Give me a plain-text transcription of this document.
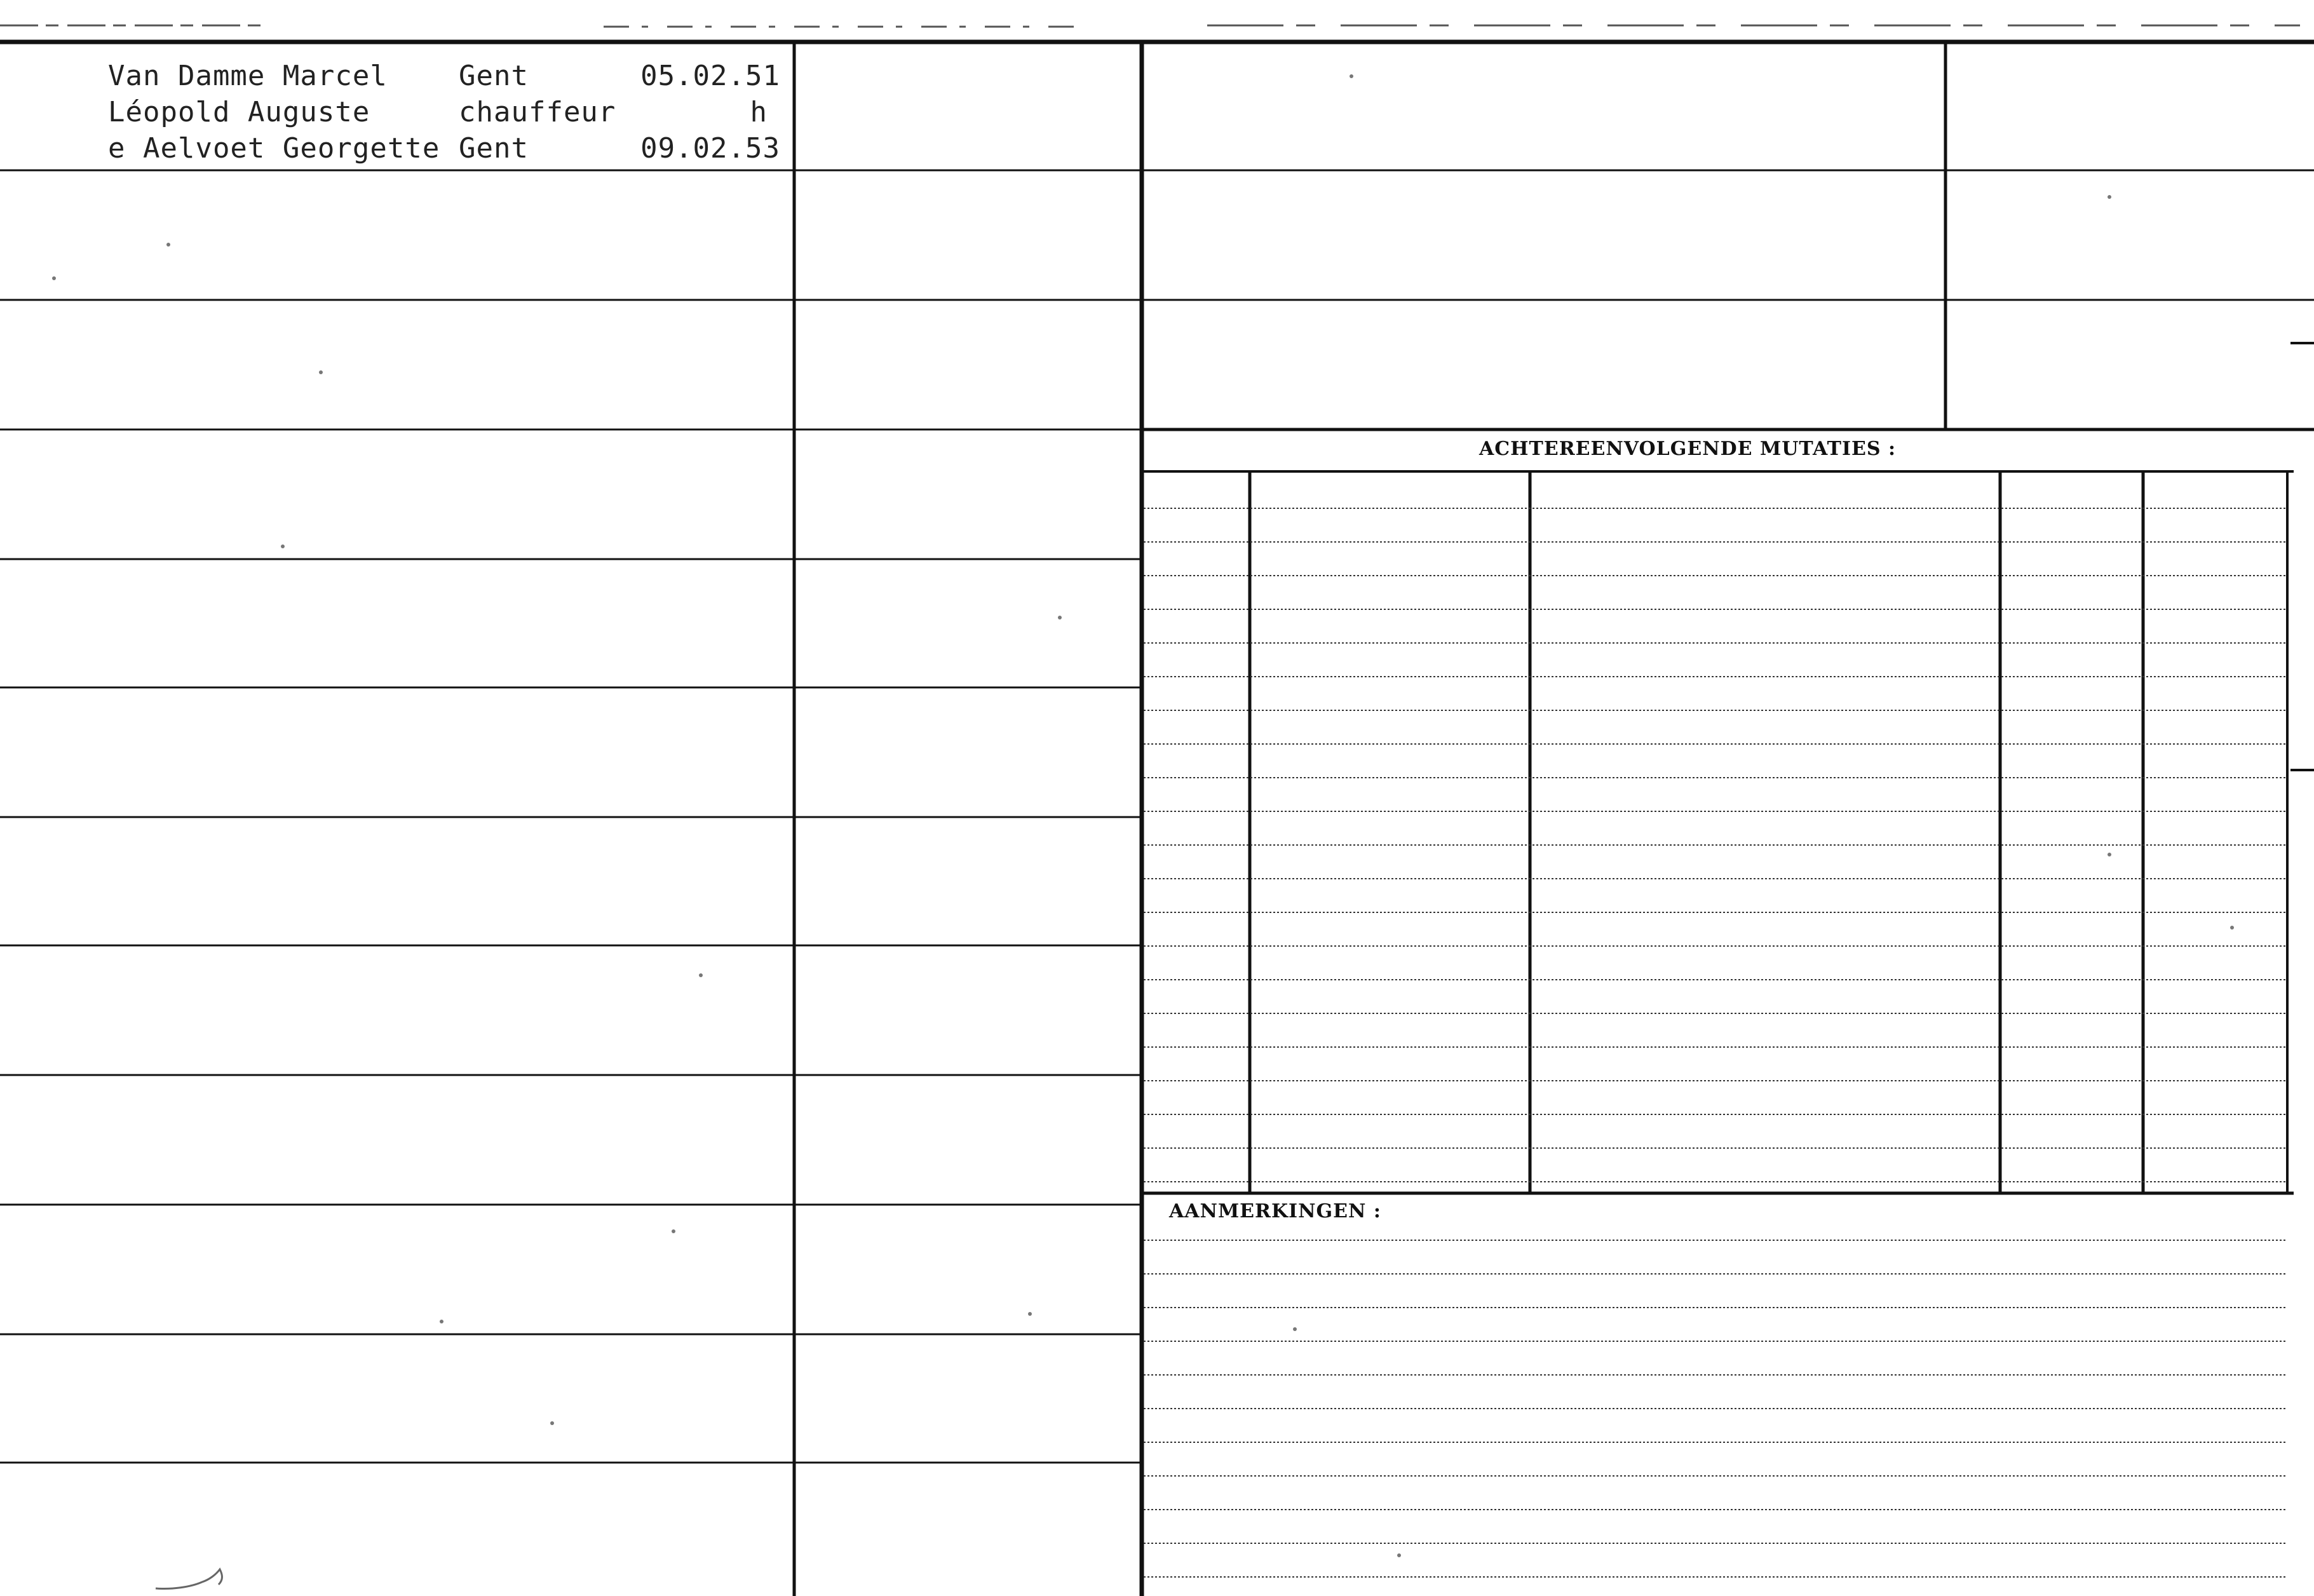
Van Damme Marcel
Léopold Auguste
e Aelvoet Georgette
Gent
chauffeur
Gent
05.02.51
h
09.02.53
ACHTEREENVOLGENDE MUTATIES :
AANMERKINGEN :
